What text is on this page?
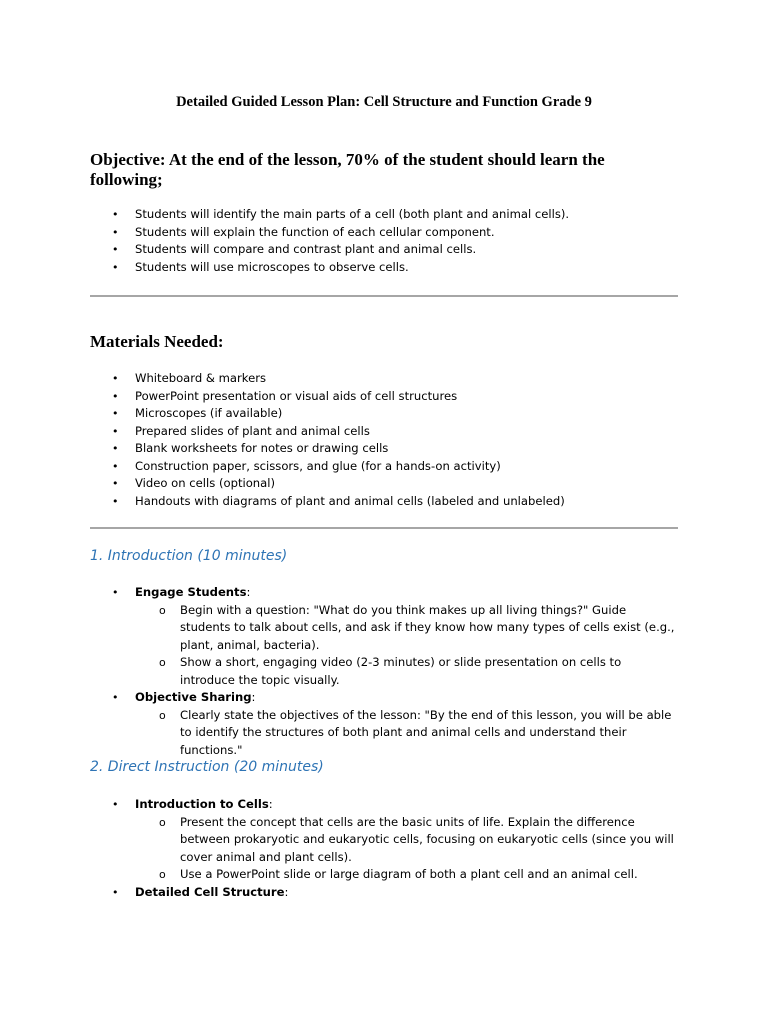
Detailed Guided Lesson Plan: Cell Structure and Function Grade 9
Objective: At the end of the lesson, 70% of the student should learn the following;
• Students will identify the main parts of a cell (both plant and animal cells).
• Students will explain the function of each cellular component.
• Students will compare and contrast plant and animal cells.
• Students will use microscopes to observe cells.
Materials Needed:
• Whiteboard & markers
• PowerPoint presentation or visual aids of cell structures
• Microscopes (if available)
• Prepared slides of plant and animal cells
• Blank worksheets for notes or drawing cells
• Construction paper, scissors, and glue (for a hands-on activity)
• Video on cells (optional)
• Handouts with diagrams of plant and animal cells (labeled and unlabeled)
1. Introduction (10 minutes)
• Engage Students:
o Begin with a question: "What do you think makes up all living things?" Guide students to talk about cells, and ask if they know how many types of cells exist (e.g., plant, animal, bacteria).
o Show a short, engaging video (2-3 minutes) or slide presentation on cells to introduce the topic visually.
• Objective Sharing:
o Clearly state the objectives of the lesson: "By the end of this lesson, you will be able to identify the structures of both plant and animal cells and understand their functions."
2. Direct Instruction (20 minutes)
• Introduction to Cells:
o Present the concept that cells are the basic units of life. Explain the difference between prokaryotic and eukaryotic cells, focusing on eukaryotic cells (since you will cover animal and plant cells).
o Use a PowerPoint slide or large diagram of both a plant cell and an animal cell.
• Detailed Cell Structure:
